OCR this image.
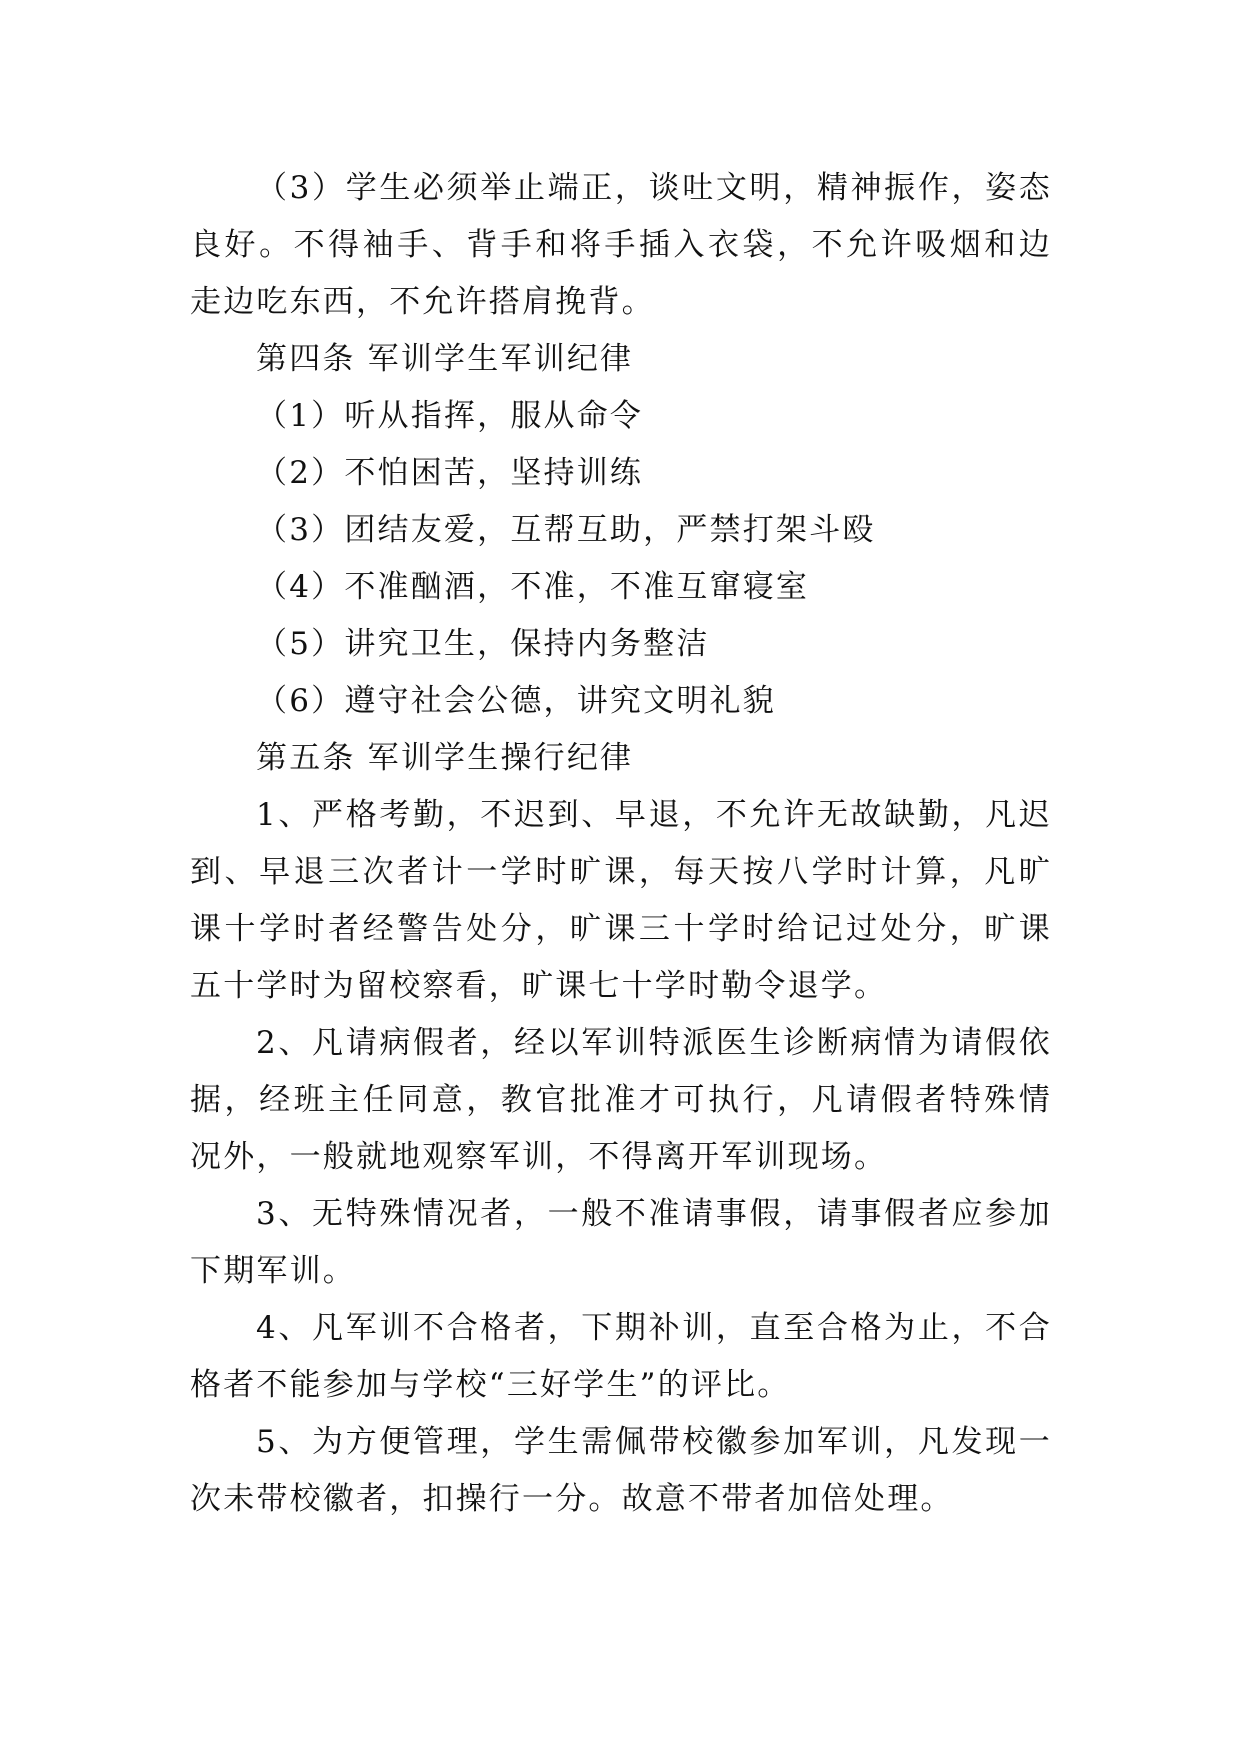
（3）学生必须举止端正，谈吐文明，精神振作，姿态良好。不得袖手、背手和将手插入衣袋，不允许吸烟和边走边吃东西，不允许搭肩挽背。

第四条 军训学生军训纪律

（1）听从指挥，服从命令

（2）不怕困苦，坚持训练

（3）团结友爱，互帮互助，严禁打架斗殴

（4）不准酗酒，不准，不准互窜寝室

（5）讲究卫生，保持内务整洁

（6）遵守社会公德，讲究文明礼貌

第五条 军训学生操行纪律

1、严格考勤，不迟到、早退，不允许无故缺勤，凡迟到、早退三次者计一学时旷课，每天按八学时计算，凡旷课十学时者经警告处分，旷课三十学时给记过处分，旷课五十学时为留校察看，旷课七十学时勒令退学。

2、凡请病假者，经以军训特派医生诊断病情为请假依据，经班主任同意，教官批准才可执行，凡请假者特殊情况外，一般就地观察军训，不得离开军训现场。

3、无特殊情况者，一般不准请事假，请事假者应参加下期军训。

4、凡军训不合格者，下期补训，直至合格为止，不合格者不能参加与学校“三好学生”的评比。

5、为方便管理，学生需佩带校徽参加军训，凡发现一次未带校徽者，扣操行一分。故意不带者加倍处理。
